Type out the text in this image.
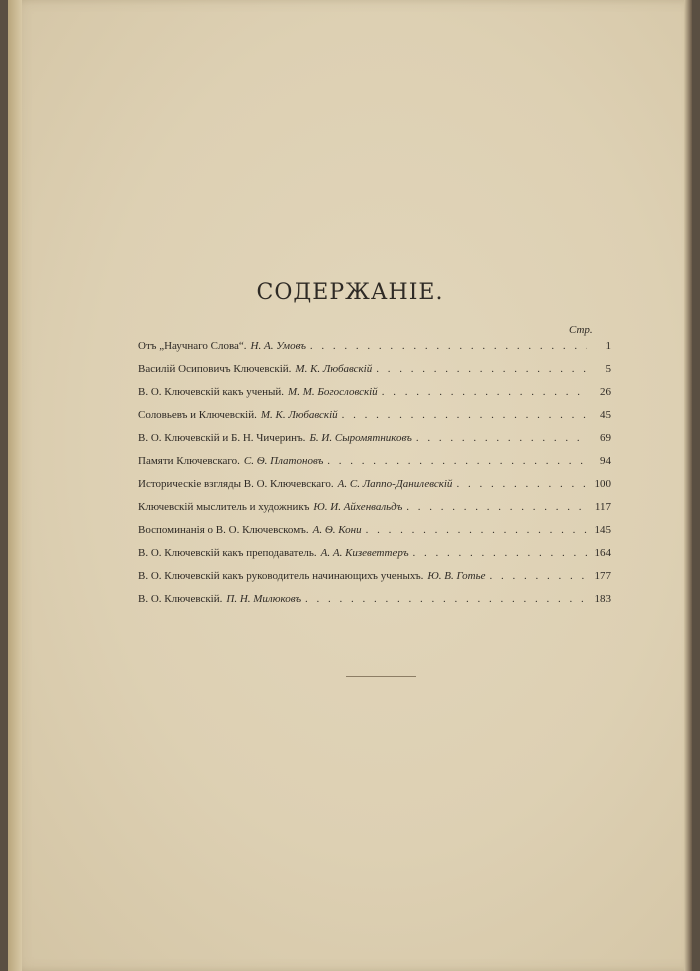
СОДЕРЖАНІЕ.
Стр.
Отъ „Научнаго Слова“. Н. А. Умовъ . . .	1
Василій Осиповичъ Ключевскій. М. К. Любавскій . . .	5
В. О. Ключевскій какъ ученый. М. М. Богословскій . . .	26
Соловьевъ и Ключевскій. М. К. Любавскій . . .	45
В. О. Ключевскій и Б. Н. Чичеринъ. Б. И. Сыромятниковъ . . .	69
Памяти Ключевскаго. С. Ѳ. Платоновъ . . .	94
Историческіе взгляды В. О. Ключевскаго. А. С. Лаппо-Данилевскій . . .	100
Ключевскій мыслитель и художникъ Ю. И. Айхенвальдъ . . .	117
Воспоминанія о В. О. Ключевскомъ. А. Ѳ. Кони . . .	145
В. О. Ключевскій какъ преподаватель. А. А. Кизеветтеръ . . .	164
В. О. Ключевскій какъ руководитель начинающихъ ученыхъ. Ю. В. Готье . . .	177
В. О. Ключевскій. П. Н. Милюковъ . . .	183
